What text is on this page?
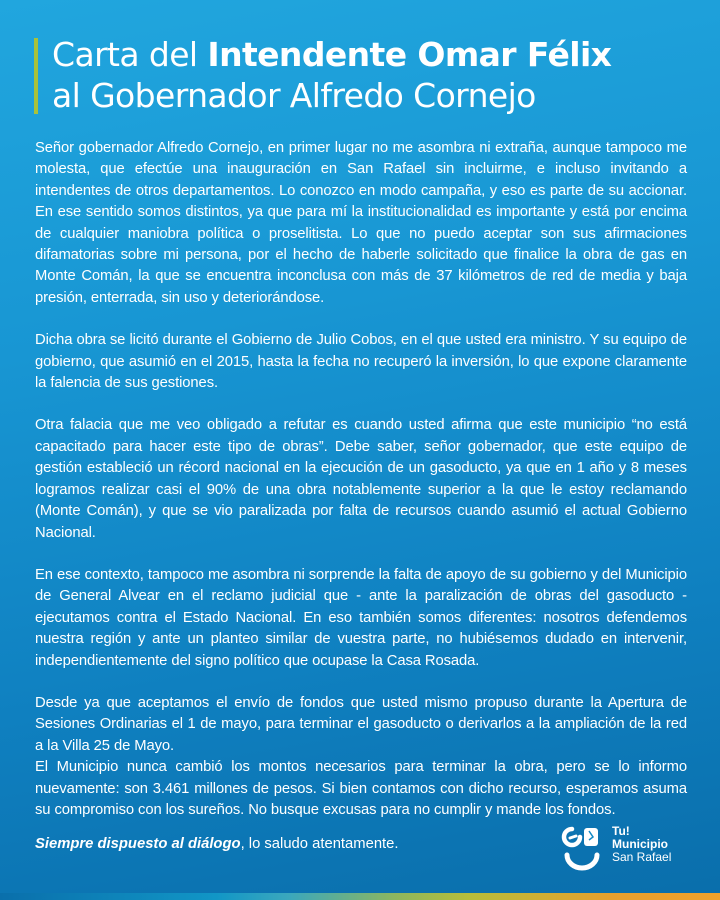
Carta del Intendente Omar Félix
al Gobernador Alfredo Cornejo

Señor gobernador Alfredo Cornejo, en primer lugar no me asombra ni extraña, aunque tampoco me molesta, que efectúe una inauguración en San Rafael sin incluirme, e incluso invitando a intendentes de otros departamentos. Lo conozco en modo campaña, y eso es parte de su accionar. En ese sentido somos distintos, ya que para mí la institucionalidad es importante y está por encima de cualquier maniobra política o proselitista. Lo que no puedo aceptar son sus afirmaciones difamatorias sobre mi persona, por el hecho de haberle solicitado que finalice la obra de gas en Monte Comán, la que se encuentra inconclusa con más de 37 kilómetros de red de media y baja presión, enterrada, sin uso y deteriorándose.

Dicha obra se licitó durante el Gobierno de Julio Cobos, en el que usted era ministro. Y su equipo de gobierno, que asumió en el 2015, hasta la fecha no recuperó la inversión, lo que expone claramente la falencia de sus gestiones.

Otra falacia que me veo obligado a refutar es cuando usted afirma que este municipio “no está capacitado para hacer este tipo de obras”. Debe saber, señor gobernador, que este equipo de gestión estableció un récord nacional en la ejecución de un gasoducto, ya que en 1 año y 8 meses logramos realizar casi el 90% de una obra notablemente superior a la que le estoy reclamando (Monte Comán), y que se vio paralizada por falta de recursos cuando asumió el actual Gobierno Nacional.

En ese contexto, tampoco me asombra ni sorprende la falta de apoyo de su gobierno y del Municipio de General Alvear en el reclamo judicial que - ante la paralización de obras del gasoducto - ejecutamos contra el Estado Nacional. En eso también somos diferentes: nosotros defendemos nuestra región y ante un planteo similar de vuestra parte, no hubiésemos dudado en intervenir, independientemente del signo político que ocupase la Casa Rosada.

Desde ya que aceptamos el envío de fondos que usted mismo propuso durante la Apertura de Sesiones Ordinarias el 1 de mayo, para terminar el gasoducto o derivarlos a la ampliación de la red a la Villa 25 de Mayo.

El Municipio nunca cambió los montos necesarios para terminar la obra, pero se lo informo nuevamente: son 3.461 millones de pesos. Si bien contamos con dicho recurso, esperamos asuma su compromiso con los sureños. No busque excusas para no cumplir y mande los fondos.

Siempre dispuesto al diálogo, lo saludo atentamente.
Tu!
Municipio
San Rafael
